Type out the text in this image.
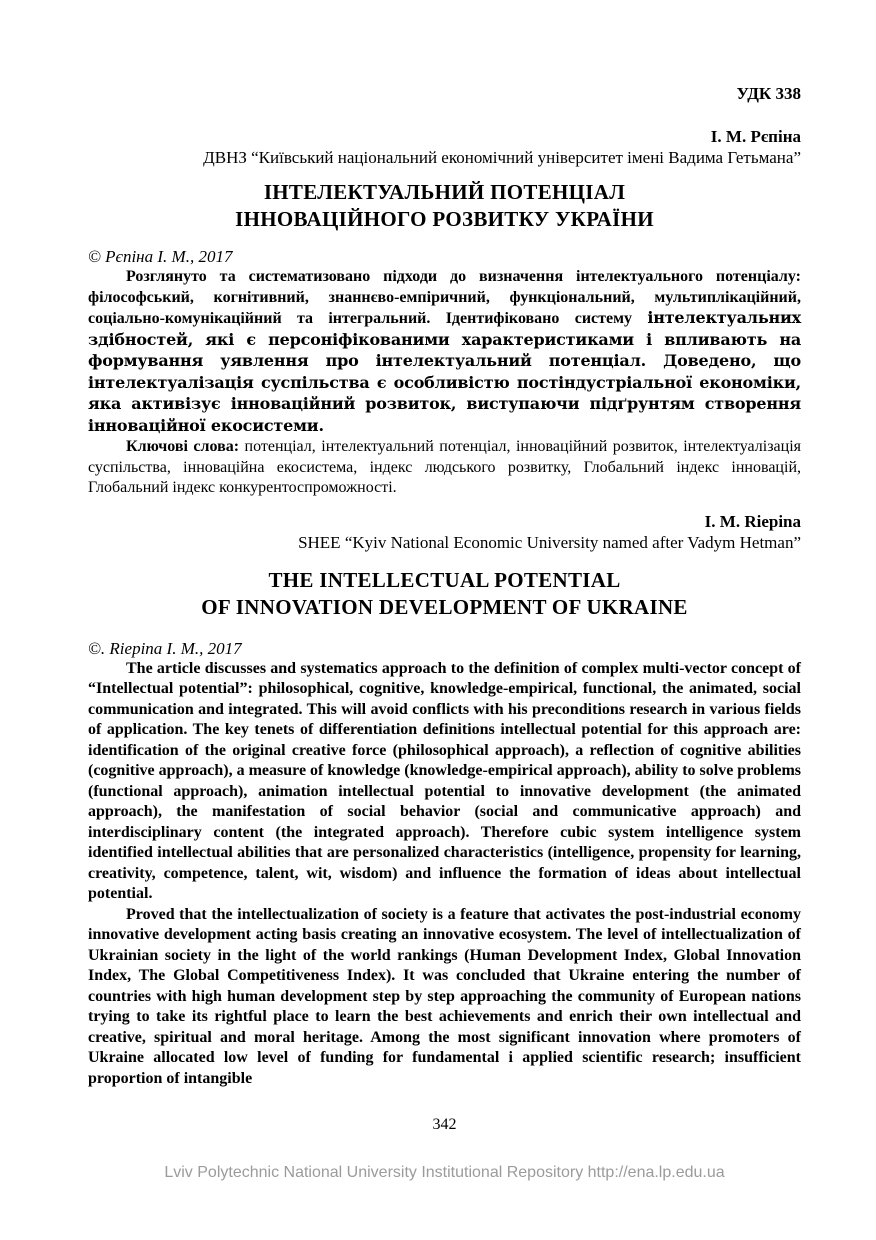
УДК 338
І. М. Рєпіна
ДВНЗ “Київський національний економічний університет імені Вадима Гетьмана”
ІНТЕЛЕКТУАЛЬНИЙ ПОТЕНЦІАЛ
ІННОВАЦІЙНОГО РОЗВИТКУ УКРАЇНИ
© Рєпіна І. М., 2017

Розглянуто та систематизовано підходи до визначення інтелектуального потенціалу: філософський, когнітивний, знаннєво-емпіричний, функціональний, мультиплікаційний, соціально-комунікаційний та інтегральний. Ідентифіковано систему інтелектуальних здібностей, які є персоніфікованими характеристиками і впливають на формування уявлення про інтелектуальний потенціал. Доведено, що інтелектуалізація суспільства є особливістю постіндустріальної економіки, яка активізує інноваційний розвиток, виступаючи підґрунтям створення інноваційної екосистеми.

Ключові слова: потенціал, інтелектуальний потенціал, інноваційний розвиток, інтелектуалізація суспільства, інноваційна екосистема, індекс людського розвитку, Глобальний індекс інновацій, Глобальний індекс конкурентоспроможності.

I. M. Riepina
SHEE “Kyiv National Economic University named after Vadym Hetman”
THE INTELLECTUAL POTENTIAL
OF INNOVATION DEVELOPMENT OF UKRAINE
©. Riepina I. M., 2017

The article discusses and systematics approach to the definition of complex multi-vector concept of “Intellectual potential”: philosophical, cognitive, knowledge-empirical, functional, the animated, social communication and integrated. This will avoid conflicts with his preconditions research in various fields of application. The key tenets of differentiation definitions intellectual potential for this approach are: identification of the original creative force (philosophical approach), a reflection of cognitive abilities (cognitive approach), a measure of knowledge (knowledge-empirical approach), ability to solve problems (functional approach), animation intellectual potential to innovative development (the animated approach), the manifestation of social behavior (social and communicative approach) and interdisciplinary content (the integrated approach). Therefore cubic system intelligence system identified intellectual abilities that are personalized characteristics (intelligence, propensity for learning, creativity, competence, talent, wit, wisdom) and influence the formation of ideas about intellectual potential.

Proved that the intellectualization of society is a feature that activates the post-industrial economy innovative development acting basis creating an innovative ecosystem. The level of intellectualization of Ukrainian society in the light of the world rankings (Human Development Index, Global Innovation Index, The Global Competitiveness Index). It was concluded that Ukraine entering the number of countries with high human development step by step approaching the community of European nations trying to take its rightful place to learn the best achievements and enrich their own intellectual and creative, spiritual and moral heritage. Among the most significant innovation where promoters of Ukraine allocated low level of funding for fundamental i applied scientific research; insufficient proportion of intangible

342
Lviv Polytechnic National University Institutional Repository http://ena.lp.edu.ua
